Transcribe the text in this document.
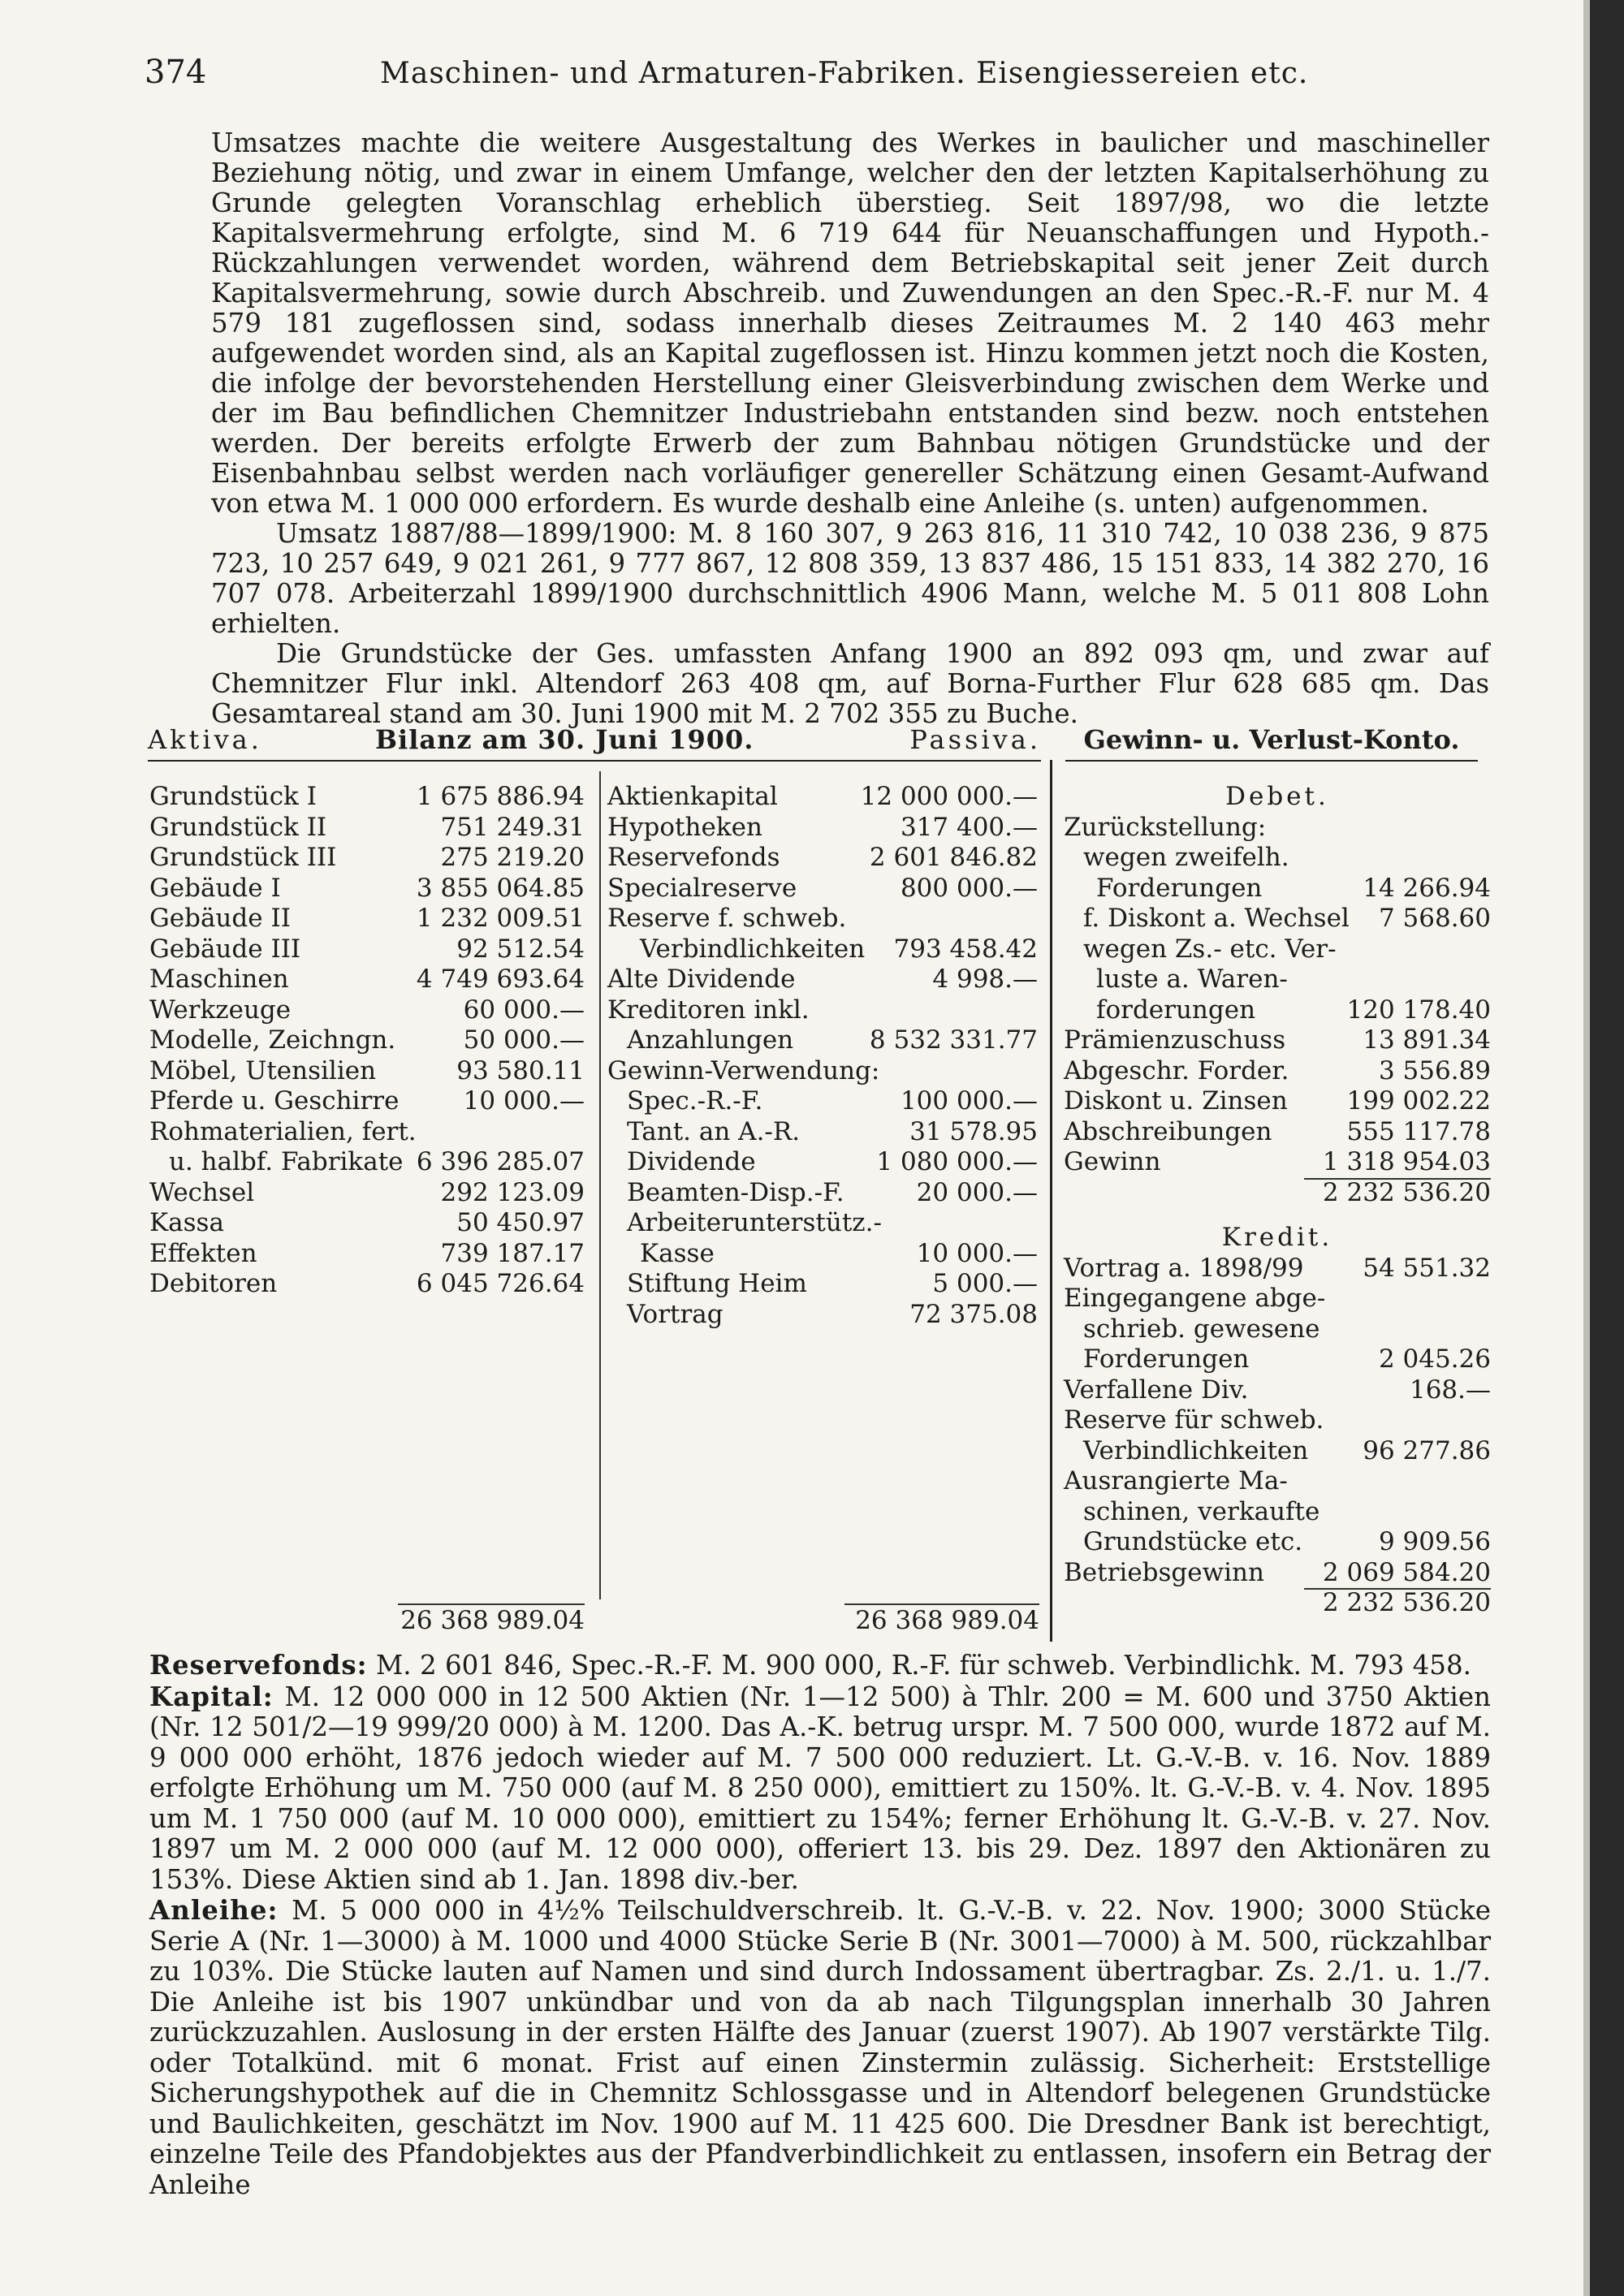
374	Maschinen- und Armaturen-Fabriken. Eisengiessereien etc.

Umsatzes machte die weitere Ausgestaltung des Werkes in baulicher und maschineller Beziehung nötig, und zwar in einem Umfange, welcher den der letzten Kapitalserhöhung zu Grunde gelegten Voranschlag erheblich überstieg. Seit 1897/98, wo die letzte Kapitalsvermehrung erfolgte, sind M. 6 719 644 für Neuanschaffungen und Hypoth.-Rückzahlungen verwendet worden, während dem Betriebskapital seit jener Zeit durch Kapitalsvermehrung, sowie durch Abschreib. und Zuwendungen an den Spec.-R.-F. nur M. 4 579 181 zugeflossen sind, sodass innerhalb dieses Zeitraumes M. 2 140 463 mehr aufgewendet worden sind, als an Kapital zugeflossen ist. Hinzu kommen jetzt noch die Kosten, die infolge der bevorstehenden Herstellung einer Gleisverbindung zwischen dem Werke und der im Bau befindlichen Chemnitzer Industriebahn entstanden sind bezw. noch entstehen werden. Der bereits erfolgte Erwerb der zum Bahnbau nötigen Grundstücke und der Eisenbahnbau selbst werden nach vorläufiger genereller Schätzung einen Gesamt-Aufwand von etwa M. 1 000 000 erfordern. Es wurde deshalb eine Anleihe (s. unten) aufgenommen.

Umsatz 1887/88—1899/1900: M. 8 160 307, 9 263 816, 11 310 742, 10 038 236, 9 875 723, 10 257 649, 9 021 261, 9 777 867, 12 808 359, 13 837 486, 15 151 833, 14 382 270, 16 707 078. Arbeiterzahl 1899/1900 durchschnittlich 4906 Mann, welche M. 5 011 808 Lohn erhielten.

Die Grundstücke der Ges. umfassten Anfang 1900 an 892 093 qm, und zwar auf Chemnitzer Flur inkl. Altendorf 263 408 qm, auf Borna-Further Flur 628 685 qm. Das Gesamtareal stand am 30. Juni 1900 mit M. 2 702 355 zu Buche.

Aktiva.	Bilanz am 30. Juni 1900.	Passiva.	Gewinn- u. Verlust-Konto.
Grundstück I	1 675 886.94
Grundstück II	751 249.31
Grundstück III	275 219.20
Gebäude I	3 855 064.85
Gebäude II	1 232 009.51
Gebäude III	92 512.54
Maschinen	4 749 693.64
Werkzeuge	60 000.—
Modelle, Zeichngn.	50 000.—
Möbel, Utensilien	93 580.11
Pferde u. Geschirre	10 000.—
Rohmaterialien, fert.
u. halbf. Fabrikate 6 396 285.07
Wechsel	292 123.09
Kassa	50 450.97
Effekten	739 187.17
Debitoren	6 045 726.64
Aktienkapital	12 000 000.—
Hypotheken	317 400.—
Reservefonds	2 601 846.82
Specialreserve	800 000.—
Reserve f. schweb.
Verbindlichkeiten 793 458.42
Alte Dividende	4 998.—
Kreditoren inkl.
Anzahlungen	8 532 331.77
Gewinn-Verwendung:
Spec.-R.-F.	100 000.—
Tant. an A.-R.	31 578.95
Dividende	1 080 000.—
Beamten-Disp.-F.	20 000.—
Arbeiterunterstütz.-
Kasse	10 000.—
Stiftung Heim	5 000.—
Vortrag	72 375.08
Debet.
Zurückstellung:
wegen zweifelh.
Forderungen	14 266.94
f. Diskont a. Wechsel 7 568.60
wegen Zs.- etc. Ver-
luste a. Waren-
forderungen	120 178.40
Prämienzuschuss	13 891.34
Abgeschr. Forder.	3 556.89
Diskont u. Zinsen 199 002.22
Abschreibungen	555 117.78
Gewinn	1 318 954.03
2 232 536.20
Kredit.
Vortrag a. 1898/99 54 551.32
Eingegangene abge-
schrieb. gewesene
Forderungen	2 045.26
Verfallene Div.	168.—
Reserve für schweb.
Verbindlichkeiten 96 277.86
Ausrangierte Ma-
schinen, verkaufte
Grundstücke etc.	9 909.56
Betriebsgewinn 2 069 584.20
2 232 536.20
26 368 989.04	26 368 989.04

Reservefonds: M. 2 601 846, Spec.-R.-F. M. 900 000, R.-F. für schweb. Verbindlichk. M. 793 458.

Kapital: M. 12 000 000 in 12 500 Aktien (Nr. 1—12 500) à Thlr. 200 = M. 600 und 3750 Aktien (Nr. 12 501/2—19 999/20 000) à M. 1200. Das A.-K. betrug urspr. M. 7 500 000, wurde 1872 auf M. 9 000 000 erhöht, 1876 jedoch wieder auf M. 7 500 000 reduziert. Lt. G.-V.-B. v. 16. Nov. 1889 erfolgte Erhöhung um M. 750 000 (auf M. 8 250 000), emittiert zu 150%. lt. G.-V.-B. v. 4. Nov. 1895 um M. 1 750 000 (auf M. 10 000 000), emittiert zu 154%; ferner Erhöhung lt. G.-V.-B. v. 27. Nov. 1897 um M. 2 000 000 (auf M. 12 000 000), offeriert 13. bis 29. Dez. 1897 den Aktionären zu 153%. Diese Aktien sind ab 1. Jan. 1898 div.-ber.

Anleihe: M. 5 000 000 in 4½% Teilschuldverschreib. lt. G.-V.-B. v. 22. Nov. 1900; 3000 Stücke Serie A (Nr. 1—3000) à M. 1000 und 4000 Stücke Serie B (Nr. 3001—7000) à M. 500, rückzahlbar zu 103%. Die Stücke lauten auf Namen und sind durch Indossament übertragbar. Zs. 2./1. u. 1./7. Die Anleihe ist bis 1907 unkündbar und von da ab nach Tilgungsplan innerhalb 30 Jahren zurückzuzahlen. Auslosung in der ersten Hälfte des Januar (zuerst 1907). Ab 1907 verstärkte Tilg. oder Totalkünd. mit 6 monat. Frist auf einen Zinstermin zulässig. Sicherheit: Erststellige Sicherungshypothek auf die in Chemnitz Schlossgasse und in Altendorf belegenen Grundstücke und Baulichkeiten, geschätzt im Nov. 1900 auf M. 11 425 600. Die Dresdner Bank ist berechtigt, einzelne Teile des Pfandobjektes aus der Pfandverbindlichkeit zu entlassen, insofern ein Betrag der Anleihe
